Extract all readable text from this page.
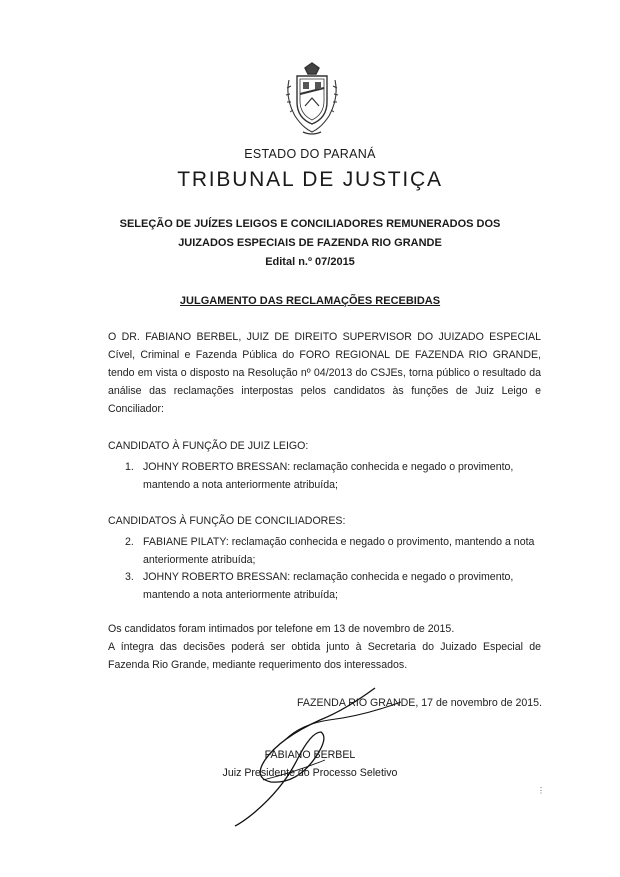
ESTADO DO PARANÁ
TRIBUNAL DE JUSTIÇA
SELEÇÃO DE JUÍZES LEIGOS E CONCILIADORES REMUNERADOS DOS
JUIZADOS ESPECIAIS DE FAZENDA RIO GRANDE
Edital n.º 07/2015
JULGAMENTO DAS RECLAMAÇÕES RECEBIDAS
O DR. FABIANO BERBEL, JUIZ DE DIREITO SUPERVISOR DO JUIZADO ESPECIAL Cível, Criminal e Fazenda Pública do FORO REGIONAL DE FAZENDA RIO GRANDE, tendo em vista o disposto na Resolução nº 04/2013 do CSJEs, torna público o resultado da análise das reclamações interpostas pelos candidatos às funções de Juiz Leigo e Conciliador:
CANDIDATO À FUNÇÃO DE JUIZ LEIGO:
1. JOHNY ROBERTO BRESSAN: reclamação conhecida e negado o provimento, mantendo a nota anteriormente atribuída;
CANDIDATOS À FUNÇÃO DE CONCILIADORES:
2. FABIANE PILATY: reclamação conhecida e negado o provimento, mantendo a nota anteriormente atribuída;
3. JOHNY ROBERTO BRESSAN: reclamação conhecida e negado o provimento, mantendo a nota anteriormente atribuída;
Os candidatos foram intimados por telefone em 13 de novembro de 2015.
A íntegra das decisões poderá ser obtida junto à Secretaria do Juizado Especial de Fazenda Rio Grande, mediante requerimento dos interessados.
FAZENDA RIO GRANDE, 17 de novembro de 2015.
FABIANO BERBEL
Juiz Presidente do Processo Seletivo
⋮
